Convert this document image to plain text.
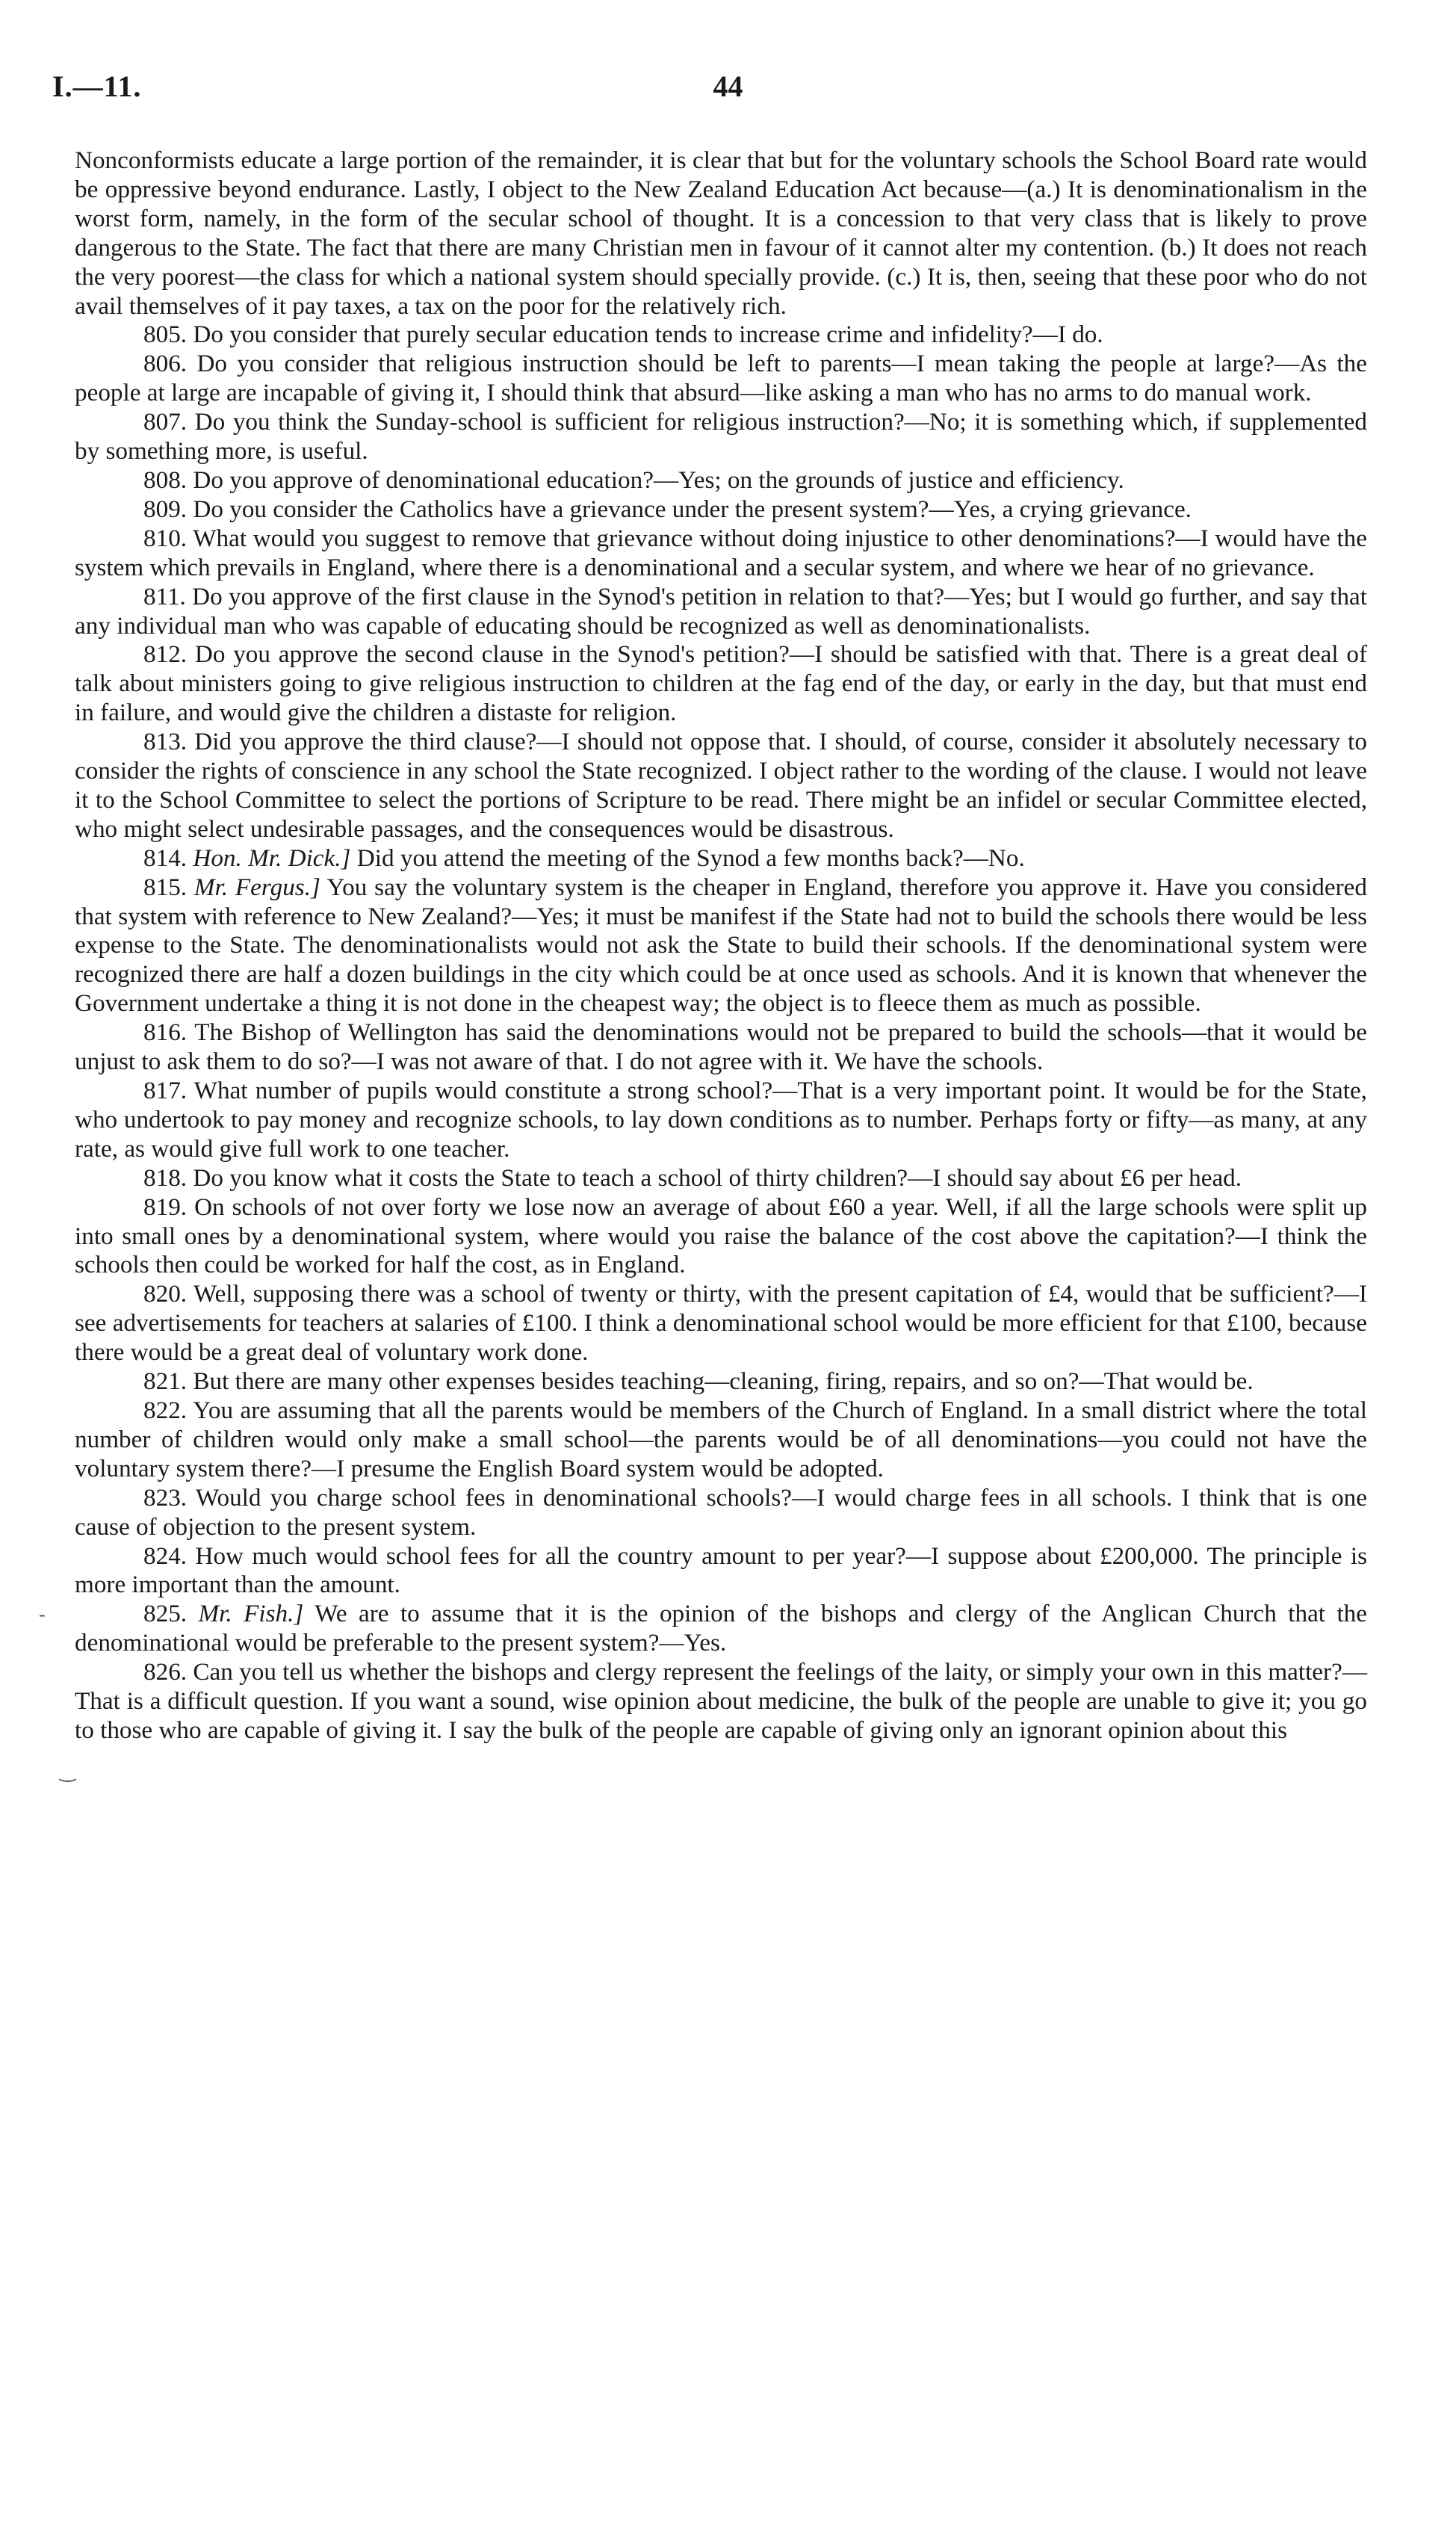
I.—11.	44

Nonconformists educate a large portion of the remainder, it is clear that but for the voluntary schools the School Board rate would be oppressive beyond endurance. Lastly, I object to the New Zealand Education Act because—(a.) It is denominationalism in the worst form, namely, in the form of the secular school of thought. It is a concession to that very class that is likely to prove dangerous to the State. The fact that there are many Christian men in favour of it cannot alter my contention. (b.) It does not reach the very poorest—the class for which a national system should specially provide. (c.) It is, then, seeing that these poor who do not avail themselves of it pay taxes, a tax on the poor for the relatively rich.

805. Do you consider that purely secular education tends to increase crime and infidelity?—I do.

806. Do you consider that religious instruction should be left to parents—I mean taking the people at large?—As the people at large are incapable of giving it, I should think that absurd—like asking a man who has no arms to do manual work.

807. Do you think the Sunday-school is sufficient for religious instruction?—No; it is something which, if supplemented by something more, is useful.

808. Do you approve of denominational education?—Yes; on the grounds of justice and efficiency.

809. Do you consider the Catholics have a grievance under the present system?—Yes, a crying grievance.

810. What would you suggest to remove that grievance without doing injustice to other denominations?—I would have the system which prevails in England, where there is a denominational and a secular system, and where we hear of no grievance.

811. Do you approve of the first clause in the Synod's petition in relation to that?—Yes; but I would go further, and say that any individual man who was capable of educating should be recognized as well as denominationalists.

812. Do you approve the second clause in the Synod's petition?—I should be satisfied with that. There is a great deal of talk about ministers going to give religious instruction to children at the fag end of the day, or early in the day, but that must end in failure, and would give the children a distaste for religion.

813. Did you approve the third clause?—I should not oppose that. I should, of course, consider it absolutely necessary to consider the rights of conscience in any school the State recognized. I object rather to the wording of the clause. I would not leave it to the School Committee to select the portions of Scripture to be read. There might be an infidel or secular Committee elected, who might select undesirable passages, and the consequences would be disastrous.

814. Hon. Mr. Dick.] Did you attend the meeting of the Synod a few months back?—No.

815. Mr. Fergus.] You say the voluntary system is the cheaper in England, therefore you approve it. Have you considered that system with reference to New Zealand?—Yes; it must be manifest if the State had not to build the schools there would be less expense to the State. The denominationalists would not ask the State to build their schools. If the denominational system were recognized there are half a dozen buildings in the city which could be at once used as schools. And it is known that whenever the Government undertake a thing it is not done in the cheapest way; the object is to fleece them as much as possible.

816. The Bishop of Wellington has said the denominations would not be prepared to build the schools—that it would be unjust to ask them to do so?—I was not aware of that. I do not agree with it. We have the schools.

817. What number of pupils would constitute a strong school?—That is a very important point. It would be for the State, who undertook to pay money and recognize schools, to lay down conditions as to number. Perhaps forty or fifty—as many, at any rate, as would give full work to one teacher.

818. Do you know what it costs the State to teach a school of thirty children?—I should say about £6 per head.

819. On schools of not over forty we lose now an average of about £60 a year. Well, if all the large schools were split up into small ones by a denominational system, where would you raise the balance of the cost above the capitation?—I think the schools then could be worked for half the cost, as in England.

820. Well, supposing there was a school of twenty or thirty, with the present capitation of £4, would that be sufficient?—I see advertisements for teachers at salaries of £100. I think a denominational school would be more efficient for that £100, because there would be a great deal of voluntary work done.

821. But there are many other expenses besides teaching—cleaning, firing, repairs, and so on?—That would be.

822. You are assuming that all the parents would be members of the Church of England. In a small district where the total number of children would only make a small school—the parents would be of all denominations—you could not have the voluntary system there?—I presume the English Board system would be adopted.

823. Would you charge school fees in denominational schools?—I would charge fees in all schools. I think that is one cause of objection to the present system.

824. How much would school fees for all the country amount to per year?—I suppose about £200,000. The principle is more important than the amount.

825. Mr. Fish.] We are to assume that it is the opinion of the bishops and clergy of the Anglican Church that the denominational would be preferable to the present system?—Yes.

826. Can you tell us whether the bishops and clergy represent the feelings of the laity, or simply your own in this matter?—That is a difficult question. If you want a sound, wise opinion about medicine, the bulk of the people are unable to give it; you go to those who are capable of giving it. I say the bulk of the people are capable of giving only an ignorant opinion about this

-
‿
